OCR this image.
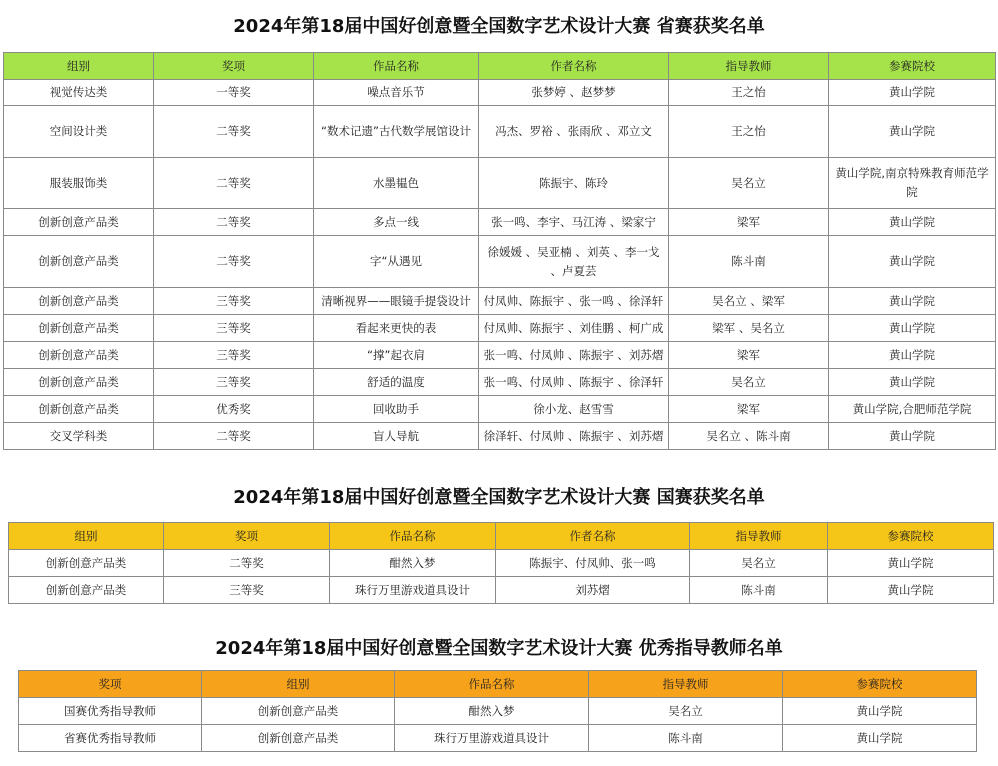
2024年第18届中国好创意暨全国数字艺术设计大赛 省赛获奖名单
组别	奖项	作品名称	作者名称	指导教师	参赛院校
视觉传达类	一等奖	噪点音乐节	张梦婷 、赵梦梦	王之怡	黄山学院
空间设计类	二等奖	“数术记遗”古代数学展馆设计	冯杰、罗裕 、张雨欣 、邓立文	王之怡	黄山学院
服装服饰类	二等奖	水墨韫色	陈振宇、陈玲	吴名立	黄山学院,南京特殊教育师范学院
创新创意产品类	二等奖	多点一线	张一鸣、李宇、马江涛 、梁家宁	梁军	黄山学院
创新创意产品类	二等奖	字“从遇见	徐媛媛 、吴亚楠 、刘英 、李一戈 、卢夏芸	陈斗南	黄山学院
创新创意产品类	三等奖	清晰视界——眼镜手提袋设计	付凤帅、陈振宇 、张一鸣 、徐泽轩	吴名立 、梁军	黄山学院
创新创意产品类	三等奖	看起来更快的表	付凤帅、陈振宇 、刘佳鹏 、柯广成	梁军 、吴名立	黄山学院
创新创意产品类	三等奖	“撑”起衣肩	张一鸣、付凤帅 、陈振宇 、刘苏熠	梁军	黄山学院
创新创意产品类	三等奖	舒适的温度	张一鸣、付凤帅 、陈振宇 、徐泽轩	吴名立	黄山学院
创新创意产品类	优秀奖	回收助手	徐小龙、赵雪雪	梁军	黄山学院,合肥师范学院
交叉学科类	二等奖	盲人导航	徐泽轩、付凤帅 、陈振宇 、刘苏熠	吴名立 、陈斗南	黄山学院
2024年第18届中国好创意暨全国数字艺术设计大赛 国赛获奖名单
组别	奖项	作品名称	作者名称	指导教师	参赛院校
创新创意产品类	二等奖	酣然入梦	陈振宇、付凤帅、张一鸣	吴名立	黄山学院
创新创意产品类	三等奖	珠行万里游戏道具设计	刘苏熠	陈斗南	黄山学院
2024年第18届中国好创意暨全国数字艺术设计大赛 优秀指导教师名单
奖项	组别	作品名称	指导教师	参赛院校
国赛优秀指导教师	创新创意产品类	酣然入梦	吴名立	黄山学院
省赛优秀指导教师	创新创意产品类	珠行万里游戏道具设计	陈斗南	黄山学院
